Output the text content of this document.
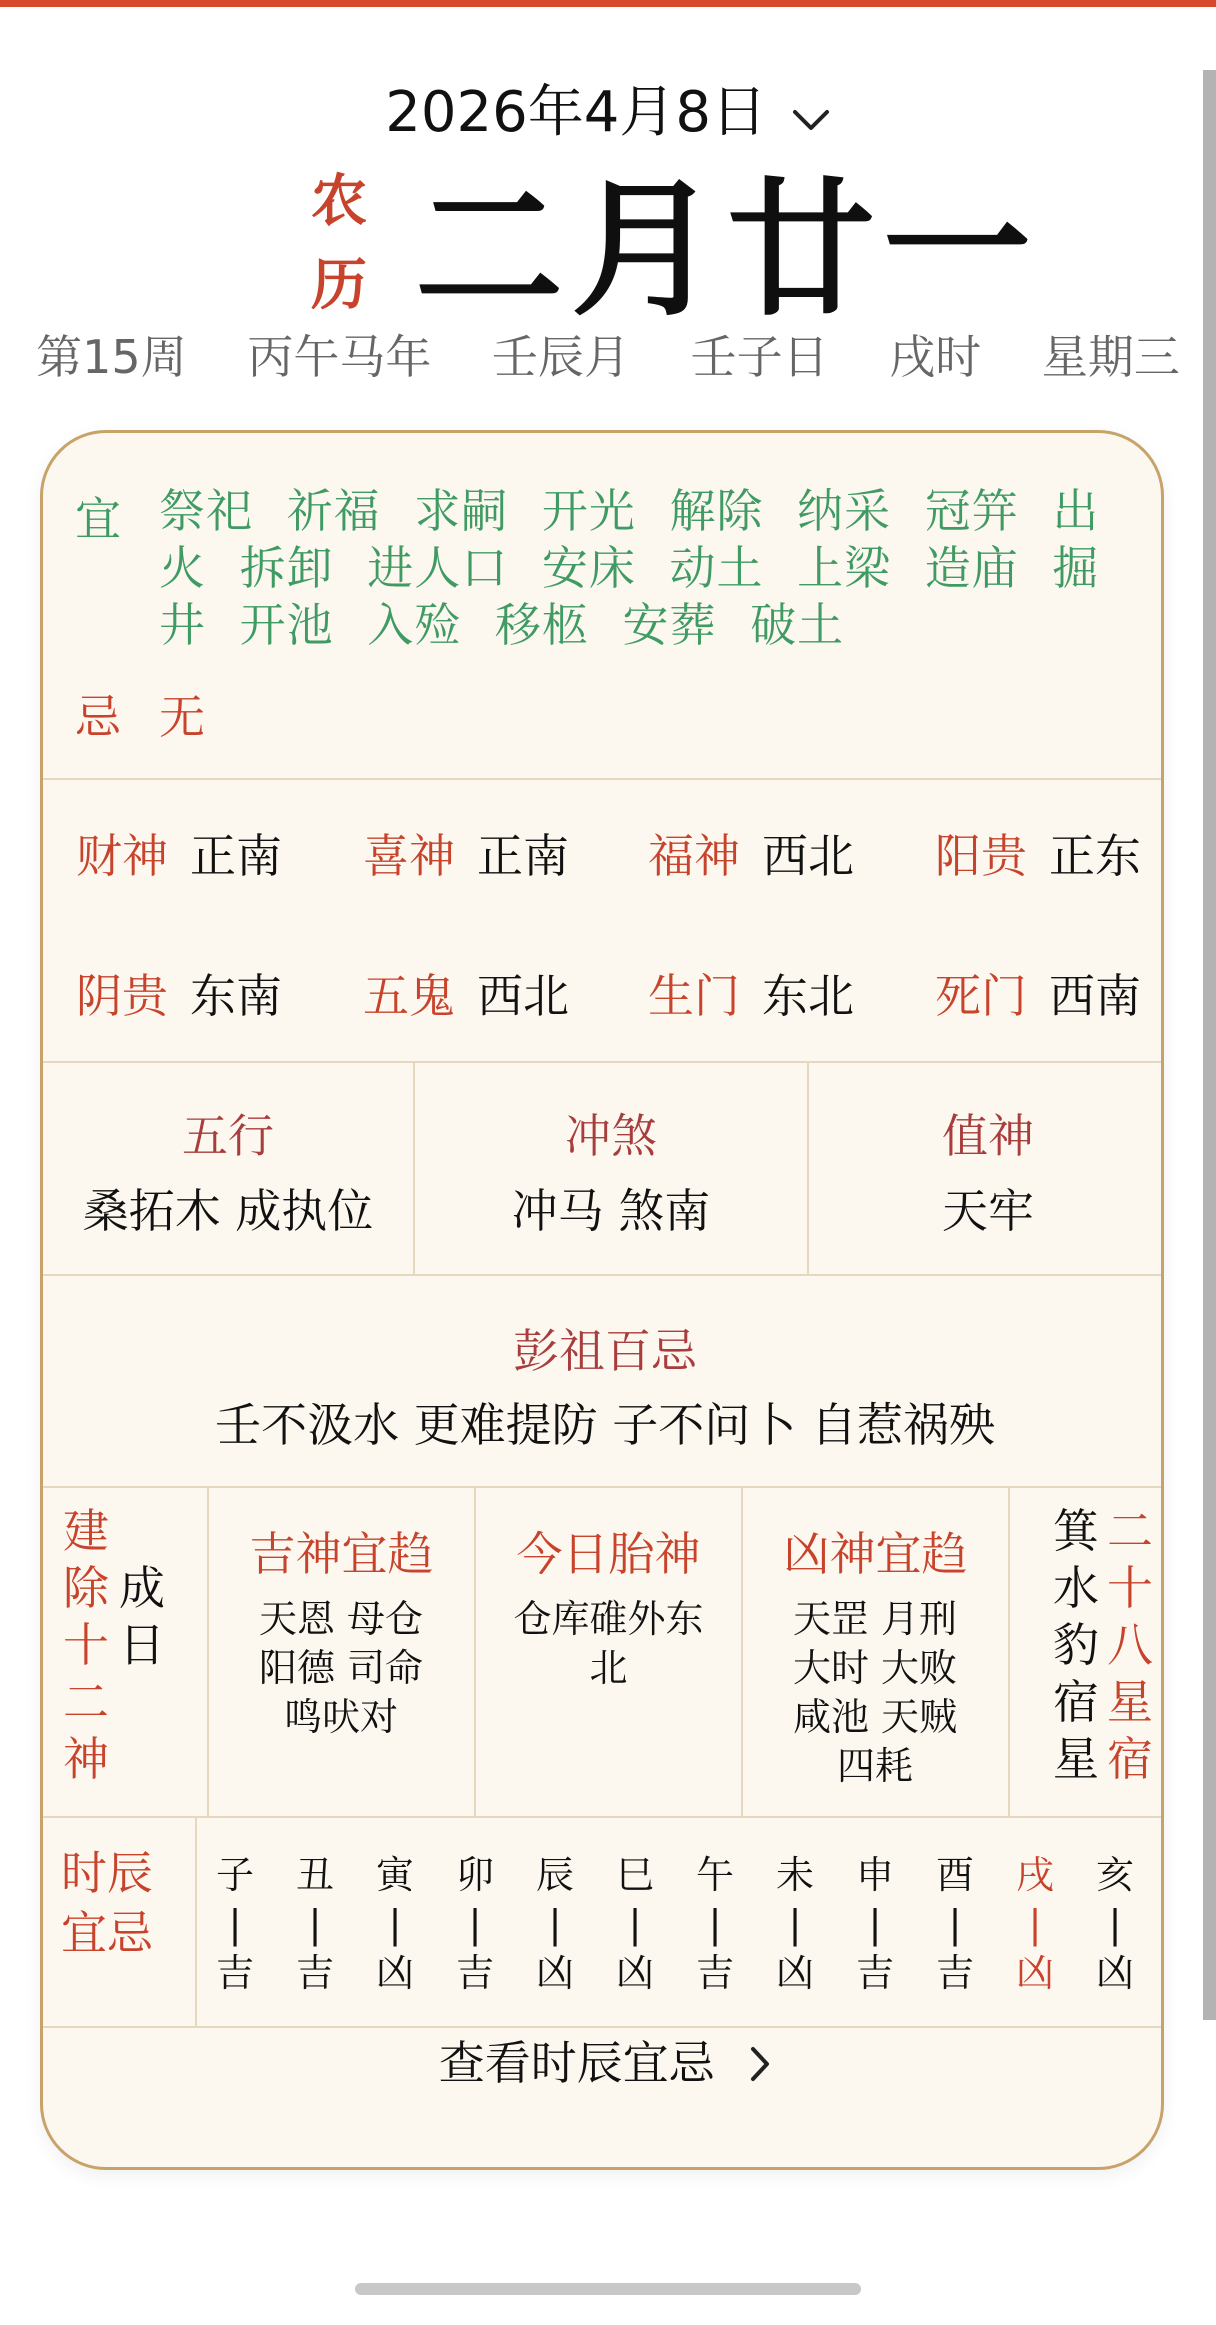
2026年4月8日
农
历 二月廿一
第15周 丙午马年 壬辰月 壬子日 戌时 星期三
宜 祭祀 祈福 求嗣 开光 解除 纳采 冠笄 出火 拆卸 进人口 安床 动土 上梁 造庙 掘井 开池 入殓 移柩 安葬 破土
忌 无
财神 正南 喜神 正南 福神 西北 阳贵 正东
阴贵 东南 五鬼 西北 生门 东北 死门 西南
五行
桑拓木 成执位
冲煞
冲马 煞南
值神
天牢
彭祖百忌
壬不汲水 更难提防 子不问卜 自惹祸殃
建
除
十
二
神
成
日
吉神宜趋
天恩 母仓
阳德 司命
鸣吠对
今日胎神
仓库碓外东
北
凶神宜趋
天罡 月刑
大时 大败
咸池 天贼
四耗
箕
水
豹
宿
星
二
十
八
星
宿
时辰
宜忌
子
|
吉
丑
|
吉
寅
|
凶
卯
|
吉
辰
|
凶
巳
|
凶
午
|
吉
未
|
凶
申
|
吉
酉
|
吉
戌
|
凶
亥
|
凶
查看时辰宜忌
